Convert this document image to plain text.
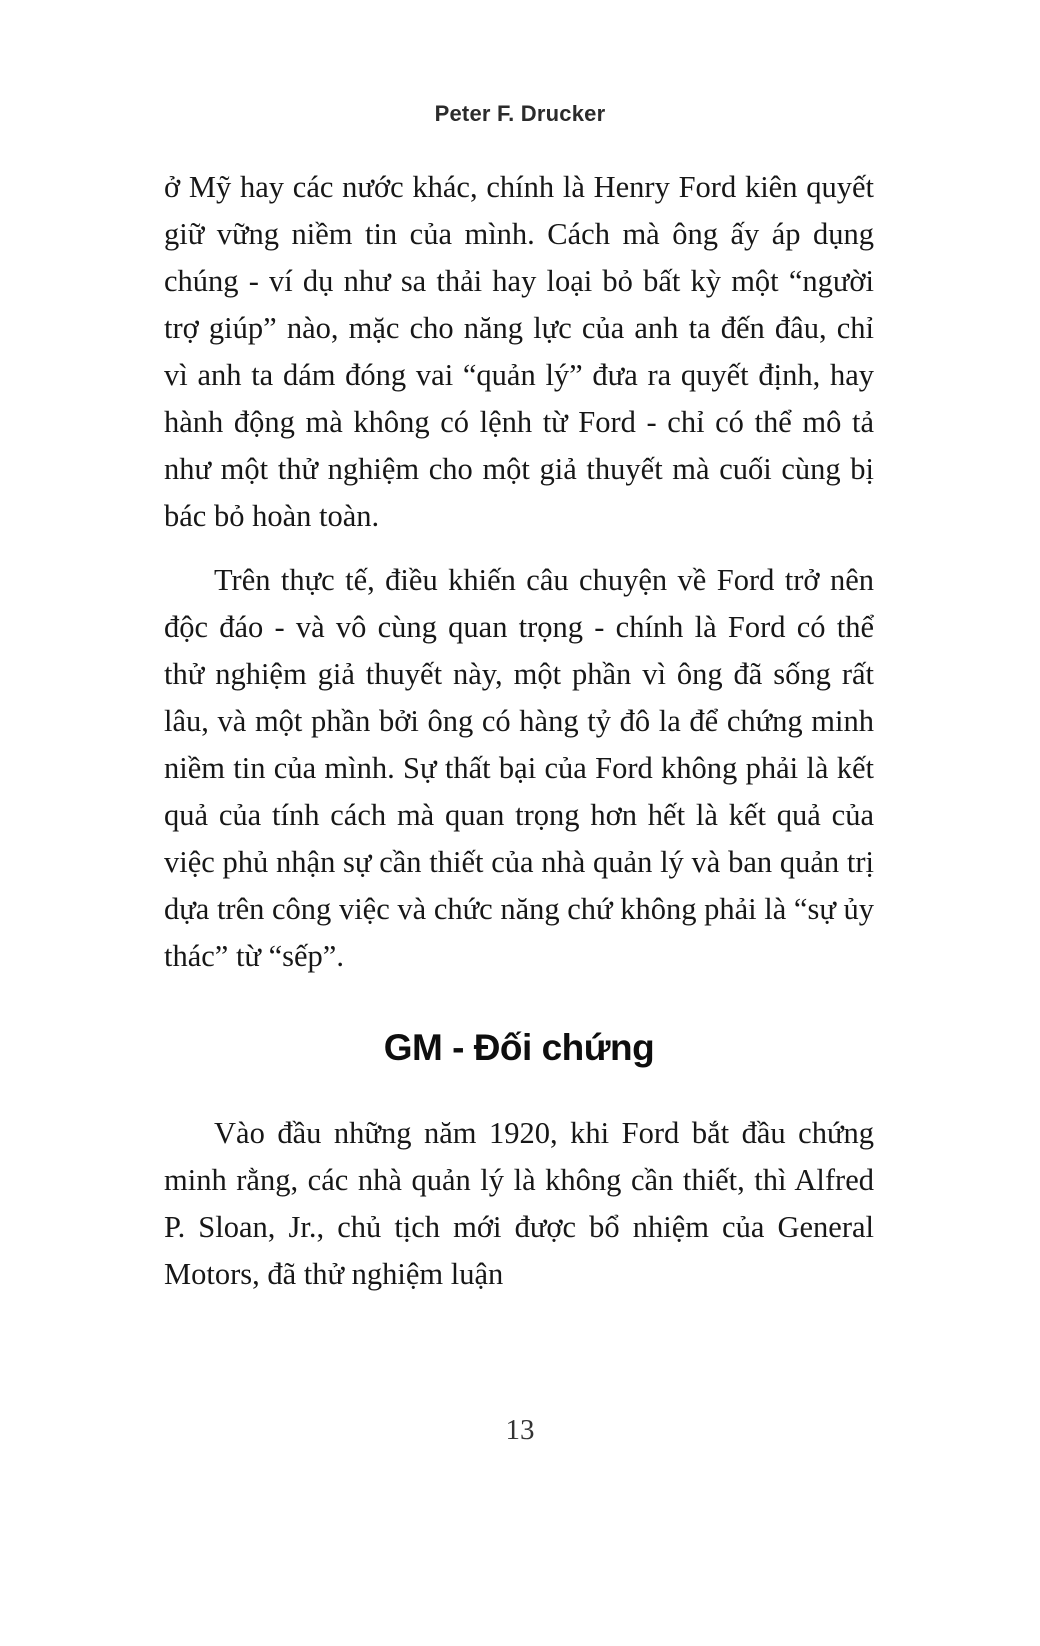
Peter F. Drucker

ở Mỹ hay các nước khác, chính là Henry Ford kiên quyết giữ vững niềm tin của mình. Cách mà ông ấy áp dụng chúng - ví dụ như sa thải hay loại bỏ bất kỳ một “người trợ giúp” nào, mặc cho năng lực của anh ta đến đâu, chỉ vì anh ta dám đóng vai “quản lý” đưa ra quyết định, hay hành động mà không có lệnh từ Ford - chỉ có thể mô tả như một thử nghiệm cho một giả thuyết mà cuối cùng bị bác bỏ hoàn toàn.

Trên thực tế, điều khiến câu chuyện về Ford trở nên độc đáo - và vô cùng quan trọng - chính là Ford có thể thử nghiệm giả thuyết này, một phần vì ông đã sống rất lâu, và một phần bởi ông có hàng tỷ đô la để chứng minh niềm tin của mình. Sự thất bại của Ford không phải là kết quả của tính cách mà quan trọng hơn hết là kết quả của việc phủ nhận sự cần thiết của nhà quản lý và ban quản trị dựa trên công việc và chức năng chứ không phải là “sự ủy thác” từ “sếp”.

GM - Đối chứng

Vào đầu những năm 1920, khi Ford bắt đầu chứng minh rằng, các nhà quản lý là không cần thiết, thì Alfred P. Sloan, Jr., chủ tịch mới được bổ nhiệm của General Motors, đã thử nghiệm luận

13
